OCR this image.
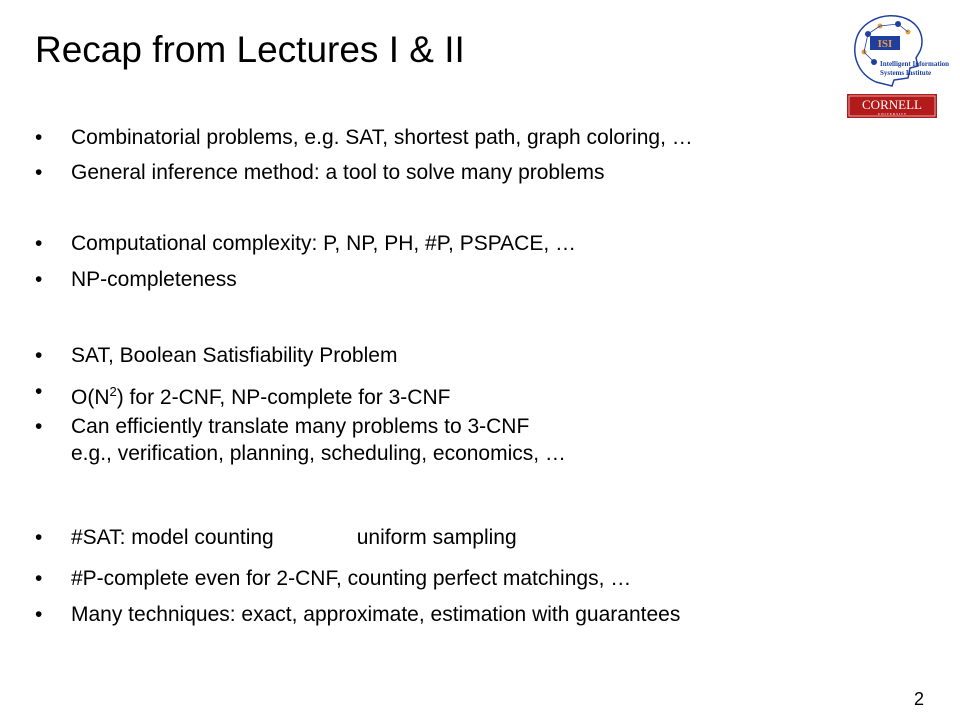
Recap from Lectures I & II	ISI
Intelligent Information
Systems Institute
CORNELL
U N I V E R S I T Y
• Combinatorial problems, e.g. SAT, shortest path, graph coloring, …
• General inference method: a tool to solve many problems
• Computational complexity: P, NP, PH, #P, PSPACE, …
• NP-completeness
• SAT, Boolean Satisfiability Problem
• $O(N^2)$ for 2-CNF, NP-complete for 3-CNF
• Can efficiently translate many problems to 3-CNF
e.g., verification, planning, scheduling, economics, …
• #SAT: model counting	uniform sampling
• #P-complete even for 2-CNF, counting perfect matchings, …
• Many techniques: exact, approximate, estimation with guarantees
2
